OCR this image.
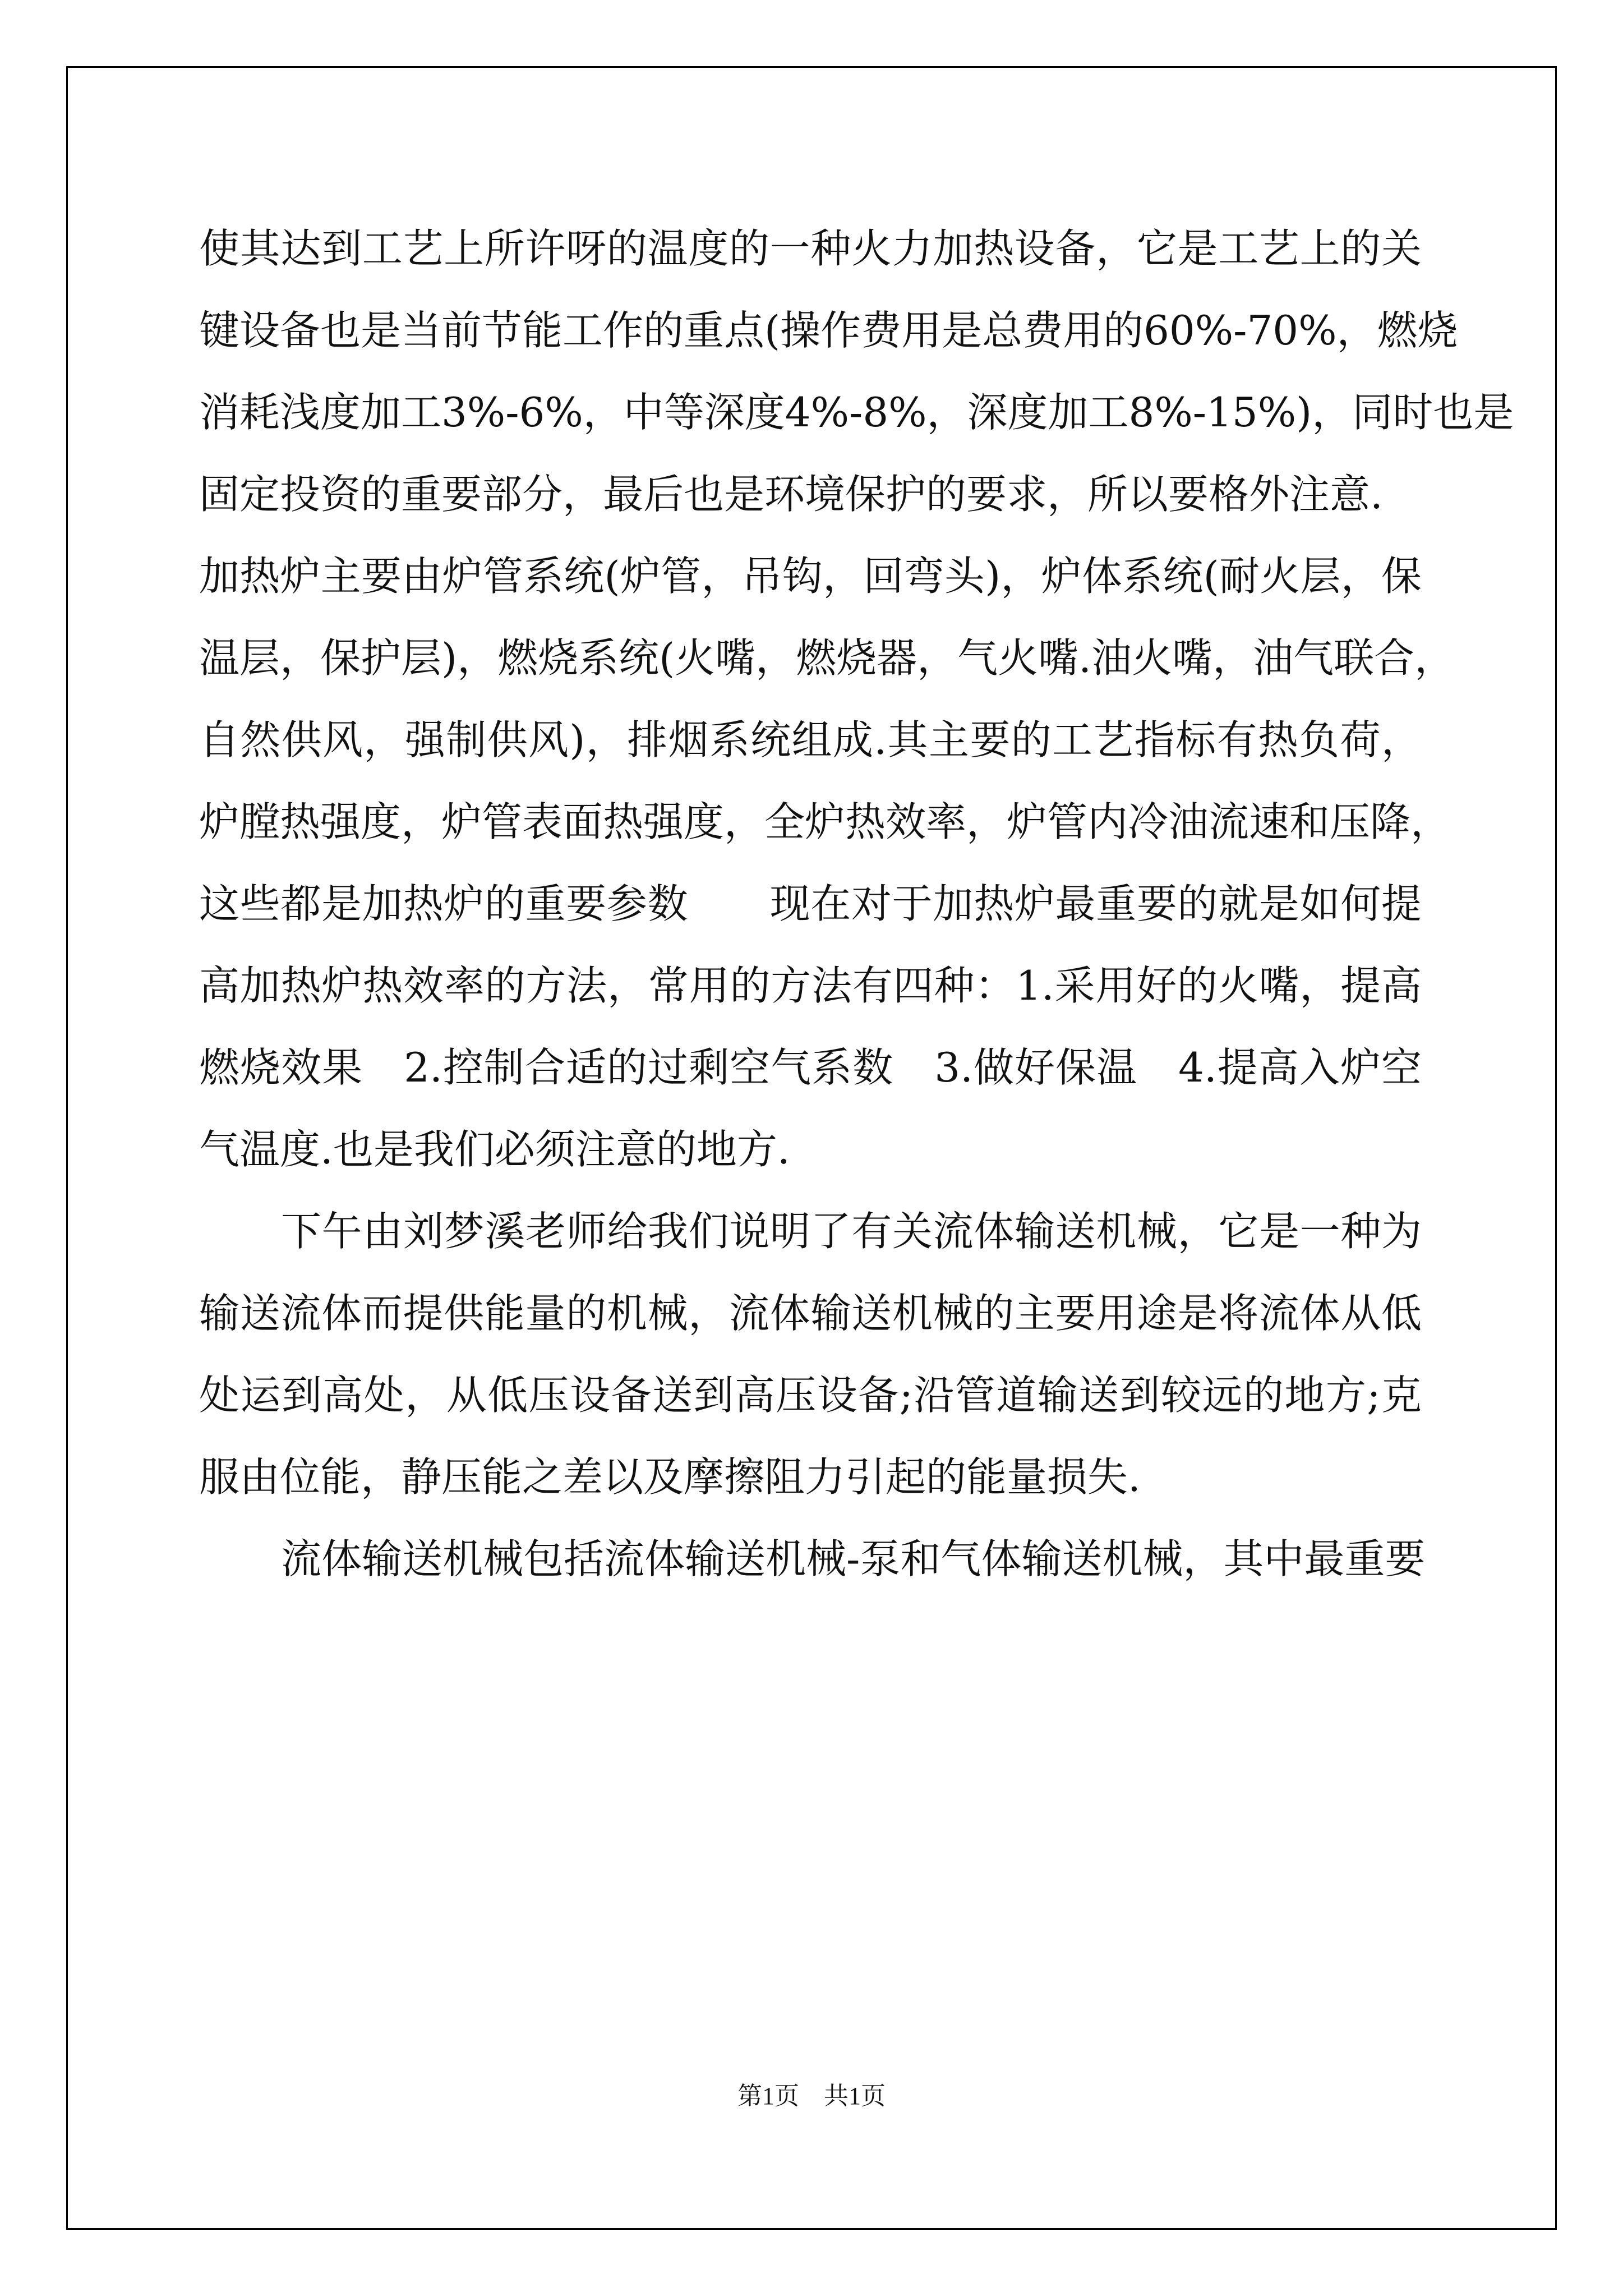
使其达到工艺上所许呀的温度的一种火力加热设备，它是工艺上的关
键设备也是当前节能工作的重点(操作费用是总费用的60%-70%，燃烧
消耗浅度加工3%-6%，中等深度4%-8%，深度加工8%-15%)，同时也是
固定投资的重要部分，最后也是环境保护的要求，所以要格外注意.
加热炉主要由炉管系统(炉管，吊钩，回弯头)，炉体系统(耐火层，保
温层，保护层)，燃烧系统(火嘴，燃烧器，气火嘴.油火嘴，油气联合，
自然供风，强制供风)，排烟系统组成.其主要的工艺指标有热负荷，
炉膛热强度，炉管表面热强度，全炉热效率，炉管内冷油流速和压降，
这些都是加热炉的重要参数　　现在对于加热炉最重要的就是如何提
高加热炉热效率的方法，常用的方法有四种：1.采用好的火嘴，提高
燃烧效果　2.控制合适的过剩空气系数　3.做好保温　4.提高入炉空
气温度.也是我们必须注意的地方.
下午由刘梦溪老师给我们说明了有关流体输送机械，它是一种为
输送流体而提供能量的机械，流体输送机械的主要用途是将流体从低
处运到高处，从低压设备送到高压设备;沿管道输送到较远的地方;克
服由位能，静压能之差以及摩擦阻力引起的能量损失.
流体输送机械包括流体输送机械-泵和气体输送机械，其中最重要
第1页　共1页
